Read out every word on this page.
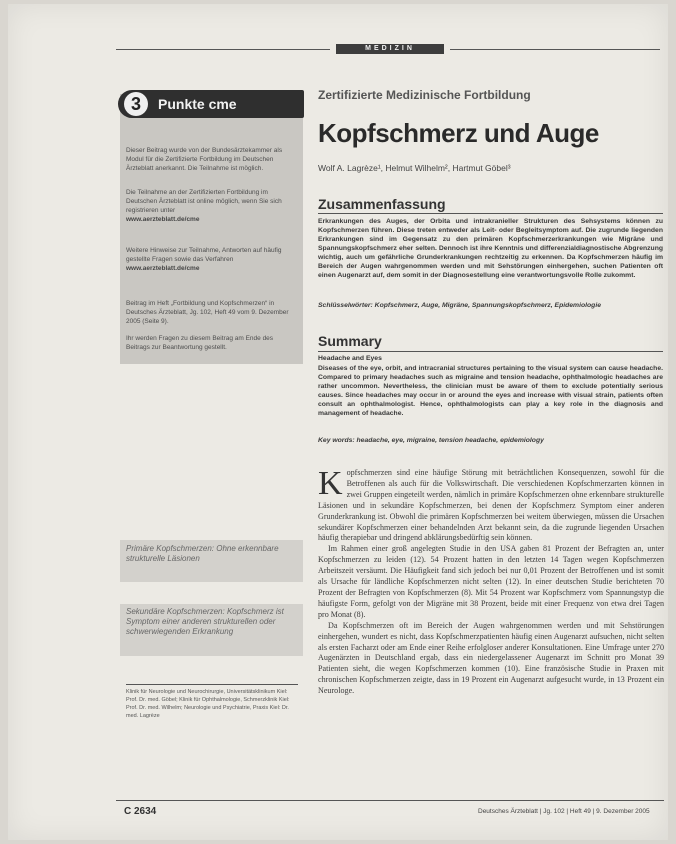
MEDIZIN
3	Punkte cme
Dieser Beitrag wurde von der Bundesärztekammer als Modul für die Zertifizierte Fortbildung im Deutschen Ärzteblatt anerkannt. Die Teilnahme ist möglich.
Die Teilnahme an der Zertifizierten Fortbildung im Deutschen Ärzteblatt ist online möglich, wenn Sie sich registrieren unter
www.aerzteblatt.de/cme
Weitere Hinweise zur Teilnahme, Antworten auf häufig gestellte Fragen sowie das Verfahren
www.aerzteblatt.de/cme
Beitrag im Heft „Fortbildung und Kopfschmerzen“ in Deutsches Ärzteblatt, Jg. 102, Heft 49 vom 9. Dezember 2005 (Seite 9).
Ihr werden Fragen zu diesem Beitrag am Ende des Beitrags zur Beantwortung gestellt.
Primäre Kopfschmerzen: Ohne erkennbare strukturelle Läsionen
Sekundäre Kopfschmerzen: Kopfschmerz ist Symptom einer anderen strukturellen oder schwerwiegenden Erkrankung
Klinik für Neurologie und Neurochirurgie, Universitätsklinikum Kiel: Prof. Dr. med. Göbel; Klinik für Ophthalmologie, Schmerzklinik Kiel: Prof. Dr. med. Wilhelm; Neurologie und Psychiatrie, Praxis Kiel: Dr. med. Lagrèze
Zertifizierte Medizinische Fortbildung
Kopfschmerz und Auge
Wolf A. Lagrèze¹, Helmut Wilhelm², Hartmut Göbel³
Zusammenfassung
Erkrankungen des Auges, der Orbita und intrakranieller Strukturen des Sehsystems können zu Kopfschmerzen führen. Diese treten entweder als Leit- oder Begleitsymptom auf. Die zugrunde liegenden Erkrankungen sind im Gegensatz zu den primären Kopfschmerzerkrankungen wie Migräne und Spannungskopfschmerz eher selten. Dennoch ist ihre Kenntnis und differenzialdiagnostische Abgrenzung wichtig, auch um gefährliche Grunderkrankungen rechtzeitig zu erkennen. Da Kopfschmerzen häufig im Bereich der Augen wahrgenommen werden und mit Sehstörungen einhergehen, suchen Patienten oft einen Augenarzt auf, dem somit in der Diagnosestellung eine verantwortungsvolle Rolle zukommt.
Schlüsselwörter: Kopfschmerz, Auge, Migräne, Spannungskopfschmerz, Epidemiologie
Summary
Headache and Eyes
Diseases of the eye, orbit, and intracranial structures pertaining to the visual system can cause headache. Compared to primary headaches such as migraine and tension headache, ophthalmologic headaches are rather uncommon. Nevertheless, the clinician must be aware of them to exclude potentially serious causes. Since headaches may occur in or around the eyes and increase with visual strain, patients often consult an ophthalmologist. Hence, ophthalmologists can play a key role in the diagnosis and management of headache.
Key words: headache, eye, migraine, tension headache, epidemiology
K opfschmerzen sind eine häufige Störung mit beträchtlichen Konsequenzen, sowohl für die Betroffenen als auch für die Volkswirtschaft. Die verschiedenen Kopfschmerzarten können in zwei Gruppen eingeteilt werden, nämlich in primäre Kopfschmerzen ohne erkennbare strukturelle Läsionen und in sekundäre Kopfschmerzen, bei denen der Kopfschmerz Symptom einer anderen Grunderkrankung ist. Obwohl die primären Kopfschmerzen bei weitem überwiegen, müssen die Ursachen sekundärer Kopfschmerzen einer behandelnden Arzt bekannt sein, da die zugrunde liegenden Ursachen häufig therapiebar und dringend abklärungsbedürftig sein können.
Im Rahmen einer groß angelegten Studie in den USA gaben 81 Prozent der Befragten an, unter Kopfschmerzen zu leiden (12). 54 Prozent hatten in den letzten 14 Tagen wegen Kopfschmerzen Arbeitszeit versäumt. Die Häufigkeit fand sich jedoch bei nur 0,01 Prozent der Betroffenen und ist somit als Ursache für ländliche Kopfschmerzen nicht selten (12). In einer deutschen Studie berichteten 70 Prozent der Befragten von Kopfschmerzen (8). Mit 54 Prozent war Kopfschmerz vom Spannungstyp die häufigste Form, gefolgt von der Migräne mit 38 Prozent, beide mit einer Frequenz von etwa drei Tagen pro Monat (8).
Da Kopfschmerzen oft im Bereich der Augen wahrgenommen werden und mit Sehstörungen einhergehen, wundert es nicht, dass Kopfschmerzpatienten häufig einen Augenarzt aufsuchen, nicht selten als ersten Facharzt oder am Ende einer Reihe erfolgloser anderer Konsultationen. Eine Umfrage unter 270 Augenärzten in Deutschland ergab, dass ein niedergelassener Augenarzt im Schnitt pro Monat 39 Patienten sieht, die wegen Kopfschmerzen kommen (10). Eine französische Studie in Praxen mit chronischen Kopfschmerzen zeigte, dass in 19 Prozent ein Augenarzt aufgesucht wurde, in 13 Prozent ein Neurologe.
C 2634	Deutsches Ärzteblatt | Jg. 102 | Heft 49 | 9. Dezember 2005
